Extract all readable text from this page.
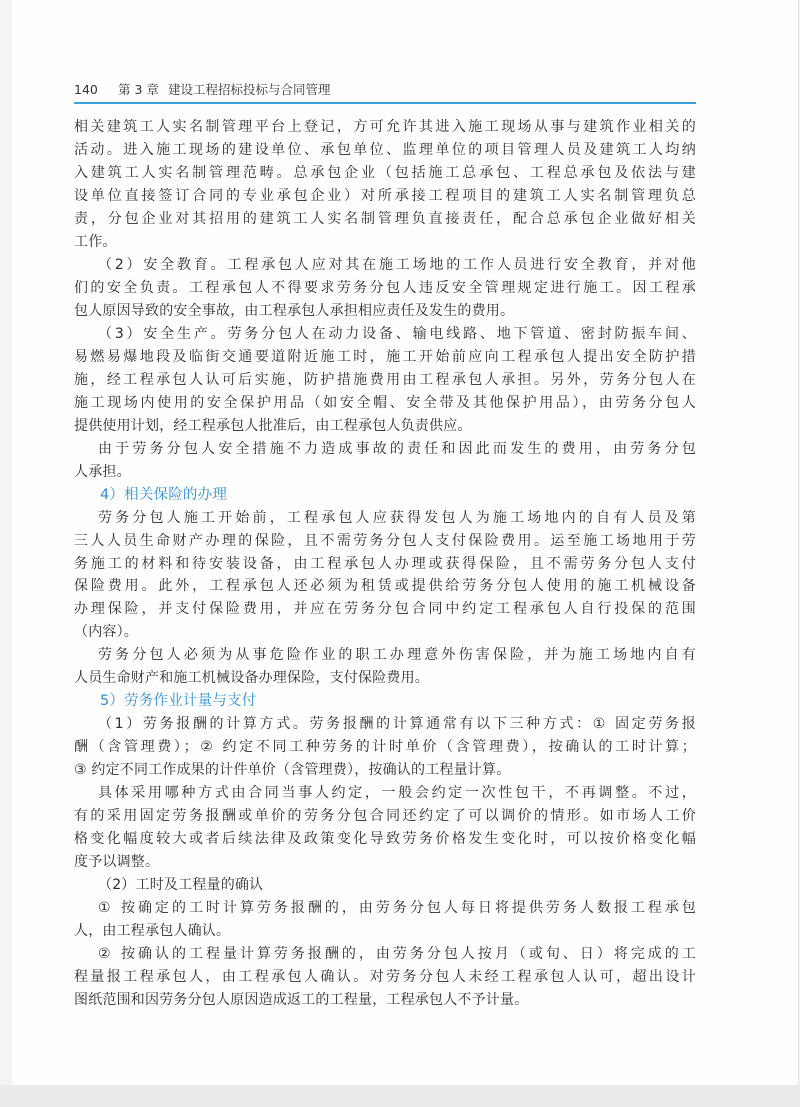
140 第 3 章 建设工程招标投标与合同管理
相关建筑工人实名制管理平台上登记，方可允许其进入施工现场从事与建筑作业相关的
活动。进入施工现场的建设单位、承包单位、监理单位的项目管理人员及建筑工人均纳
入建筑工人实名制管理范畴。总承包企业（包括施工总承包、工程总承包及依法与建
设单位直接签订合同的专业承包企业）对所承接工程项目的建筑工人实名制管理负总
责，分包企业对其招用的建筑工人实名制管理负直接责任，配合总承包企业做好相关
工作。
（2）安全教育。工程承包人应对其在施工场地的工作人员进行安全教育，并对他
们的安全负责。工程承包人不得要求劳务分包人违反安全管理规定进行施工。因工程承
包人原因导致的安全事故，由工程承包人承担相应责任及发生的费用。
（3）安全生产。劳务分包人在动力设备、输电线路、地下管道、密封防振车间、
易燃易爆地段及临街交通要道附近施工时，施工开始前应向工程承包人提出安全防护措
施，经工程承包人认可后实施，防护措施费用由工程承包人承担。另外，劳务分包人在
施工现场内使用的安全保护用品（如安全帽、安全带及其他保护用品），由劳务分包人
提供使用计划，经工程承包人批准后，由工程承包人负责供应。
由于劳务分包人安全措施不力造成事故的责任和因此而发生的费用，由劳务分包
人承担。
4）相关保险的办理
劳务分包人施工开始前，工程承包人应获得发包人为施工场地内的自有人员及第
三人人员生命财产办理的保险，且不需劳务分包人支付保险费用。运至施工场地用于劳
务施工的材料和待安装设备，由工程承包人办理或获得保险，且不需劳务分包人支付
保险费用。此外，工程承包人还必须为租赁或提供给劳务分包人使用的施工机械设备
办理保险，并支付保险费用，并应在劳务分包合同中约定工程承包人自行投保的范围
（内容）。
劳务分包人必须为从事危险作业的职工办理意外伤害保险，并为施工场地内自有
人员生命财产和施工机械设备办理保险，支付保险费用。
5）劳务作业计量与支付
（1）劳务报酬的计算方式。劳务报酬的计算通常有以下三种方式：① 固定劳务报
酬（含管理费）；② 约定不同工种劳务的计时单价（含管理费），按确认的工时计算；
③ 约定不同工作成果的计件单价（含管理费），按确认的工程量计算。
具体采用哪种方式由合同当事人约定，一般会约定一次性包干，不再调整。不过，
有的采用固定劳务报酬或单价的劳务分包合同还约定了可以调价的情形。如市场人工价
格变化幅度较大或者后续法律及政策变化导致劳务价格发生变化时，可以按价格变化幅
度予以调整。
（2）工时及工程量的确认
① 按确定的工时计算劳务报酬的，由劳务分包人每日将提供劳务人数报工程承包
人，由工程承包人确认。
② 按确认的工程量计算劳务报酬的，由劳务分包人按月（或旬、日）将完成的工
程量报工程承包人，由工程承包人确认。对劳务分包人未经工程承包人认可，超出设计
图纸范围和因劳务分包人原因造成返工的工程量，工程承包人不予计量。
